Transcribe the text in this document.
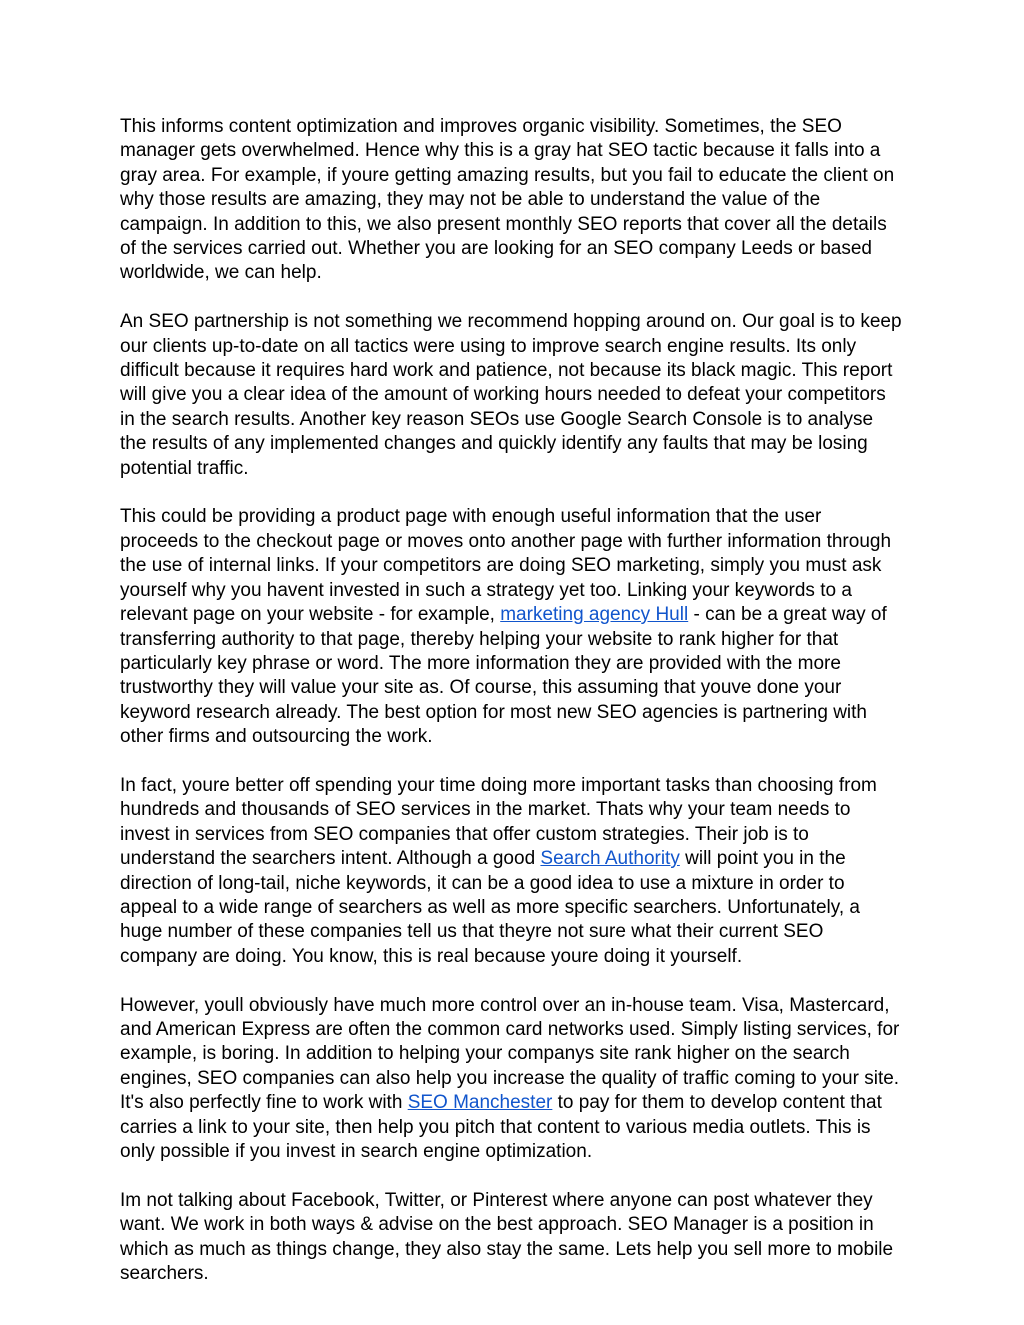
This informs content optimization and improves organic visibility. Sometimes, the SEO manager gets overwhelmed. Hence why this is a gray hat SEO tactic because it falls into a gray area. For example, if youre getting amazing results, but you fail to educate the client on why those results are amazing, they may not be able to understand the value of the campaign. In addition to this, we also present monthly SEO reports that cover all the details of the services carried out. Whether you are looking for an SEO company Leeds or based worldwide, we can help.

An SEO partnership is not something we recommend hopping around on. Our goal is to keep our clients up-to-date on all tactics were using to improve search engine results. Its only difficult because it requires hard work and patience, not because its black magic. This report will give you a clear idea of the amount of working hours needed to defeat your competitors in the search results. Another key reason SEOs use Google Search Console is to analyse the results of any implemented changes and quickly identify any faults that may be losing potential traffic.

This could be providing a product page with enough useful information that the user proceeds to the checkout page or moves onto another page with further information through the use of internal links. If your competitors are doing SEO marketing, simply you must ask yourself why you havent invested in such a strategy yet too. Linking your keywords to a relevant page on your website - for example, marketing agency Hull - can be a great way of transferring authority to that page, thereby helping your website to rank higher for that particularly key phrase or word. The more information they are provided with the more trustworthy they will value your site as. Of course, this assuming that youve done your keyword research already. The best option for most new SEO agencies is partnering with other firms and outsourcing the work.

In fact, youre better off spending your time doing more important tasks than choosing from hundreds and thousands of SEO services in the market. Thats why your team needs to invest in services from SEO companies that offer custom strategies. Their job is to understand the searchers intent. Although a good Search Authority will point you in the direction of long-tail, niche keywords, it can be a good idea to use a mixture in order to appeal to a wide range of searchers as well as more specific searchers. Unfortunately, a huge number of these companies tell us that theyre not sure what their current SEO company are doing. You know, this is real because youre doing it yourself.

However, youll obviously have much more control over an in-house team. Visa, Mastercard, and American Express are often the common card networks used. Simply listing services, for example, is boring. In addition to helping your companys site rank higher on the search engines, SEO companies can also help you increase the quality of traffic coming to your site. It's also perfectly fine to work with SEO Manchester to pay for them to develop content that carries a link to your site, then help you pitch that content to various media outlets. This is only possible if you invest in search engine optimization.

Im not talking about Facebook, Twitter, or Pinterest where anyone can post whatever they want. We work in both ways & advise on the best approach. SEO Manager is a position in which as much as things change, they also stay the same. Lets help you sell more to mobile searchers.
